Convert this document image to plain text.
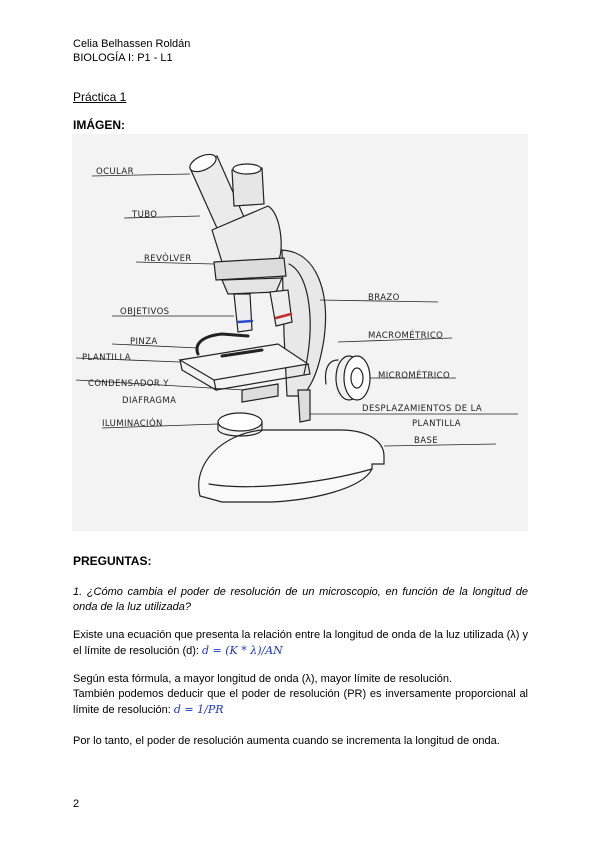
Celia Belhassen Roldán
BIOLOGÍA I: P1 - L1
Práctica 1
IMÁGEN:
OCULAR
TUBO
REVÓLVER
OBJETIVOS
PINZA
PLANTILLA
CONDENSADOR Y
DIAFRAGMA
ILUMINACIÓN
BRAZO
MACROMÉTRICO
MICROMÉTRICO
DESPLAZAMIENTOS DE LA
PLANTILLA
BASE
PREGUNTAS:
1. ¿Cómo cambia el poder de resolución de un microscopio, en función de la longitud de onda de la luz utilizada?
Existe una ecuación que presenta la relación entre la longitud de onda de la luz utilizada (λ) y el límite de resolución (d): d = (K * λ)/AN
Según esta fórmula, a mayor longitud de onda (λ), mayor límite de resolución.
También podemos deducir que el poder de resolución (PR) es inversamente proporcional al límite de resolución: d = 1/PR
Por lo tanto, el poder de resolución aumenta cuando se incrementa la longitud de onda.
2
